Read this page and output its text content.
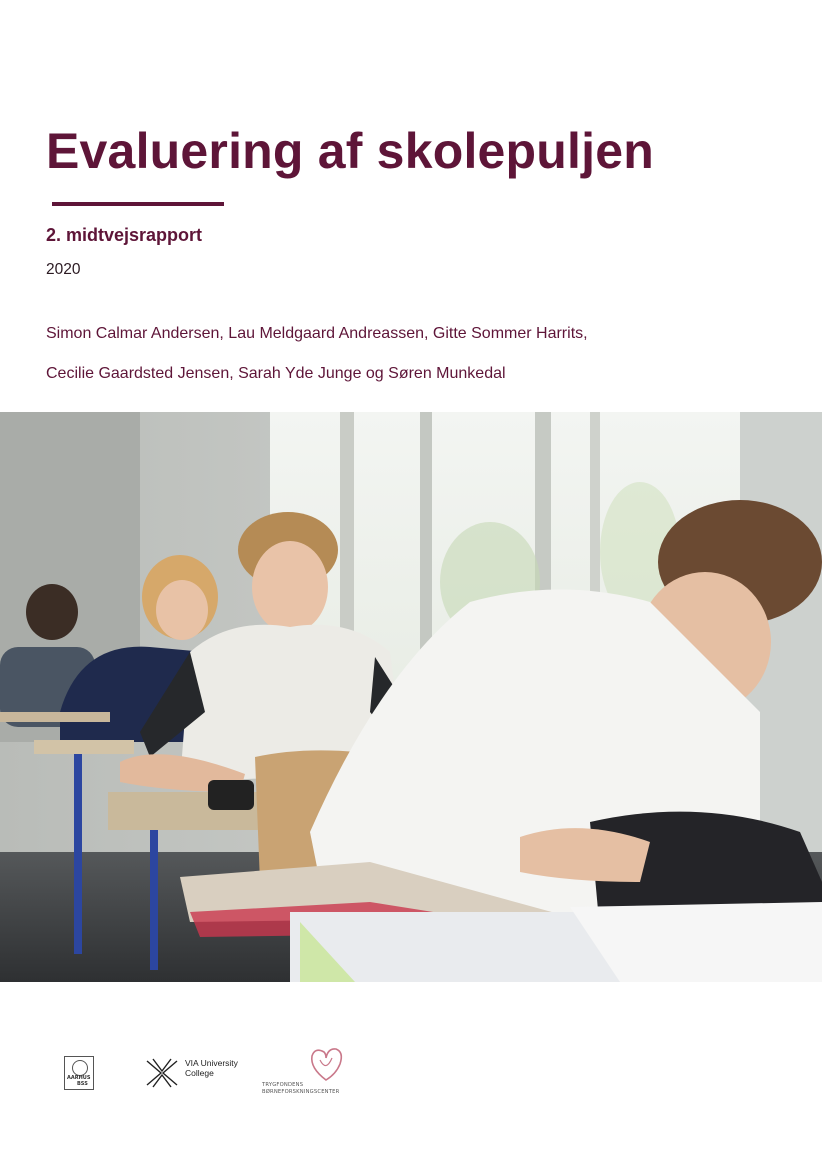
Evaluering af skolepuljen
2. midtvejsrapport
2020
Simon Calmar Andersen, Lau Meldgaard Andreassen, Gitte Sommer Harrits,
Cecilie Gaardsted Jensen, Sarah Yde Junge og Søren Munkedal
AARHUS
BSS
VIA University
College
TRYGFONDENS
BØRNEFORSKNINGSCENTER
